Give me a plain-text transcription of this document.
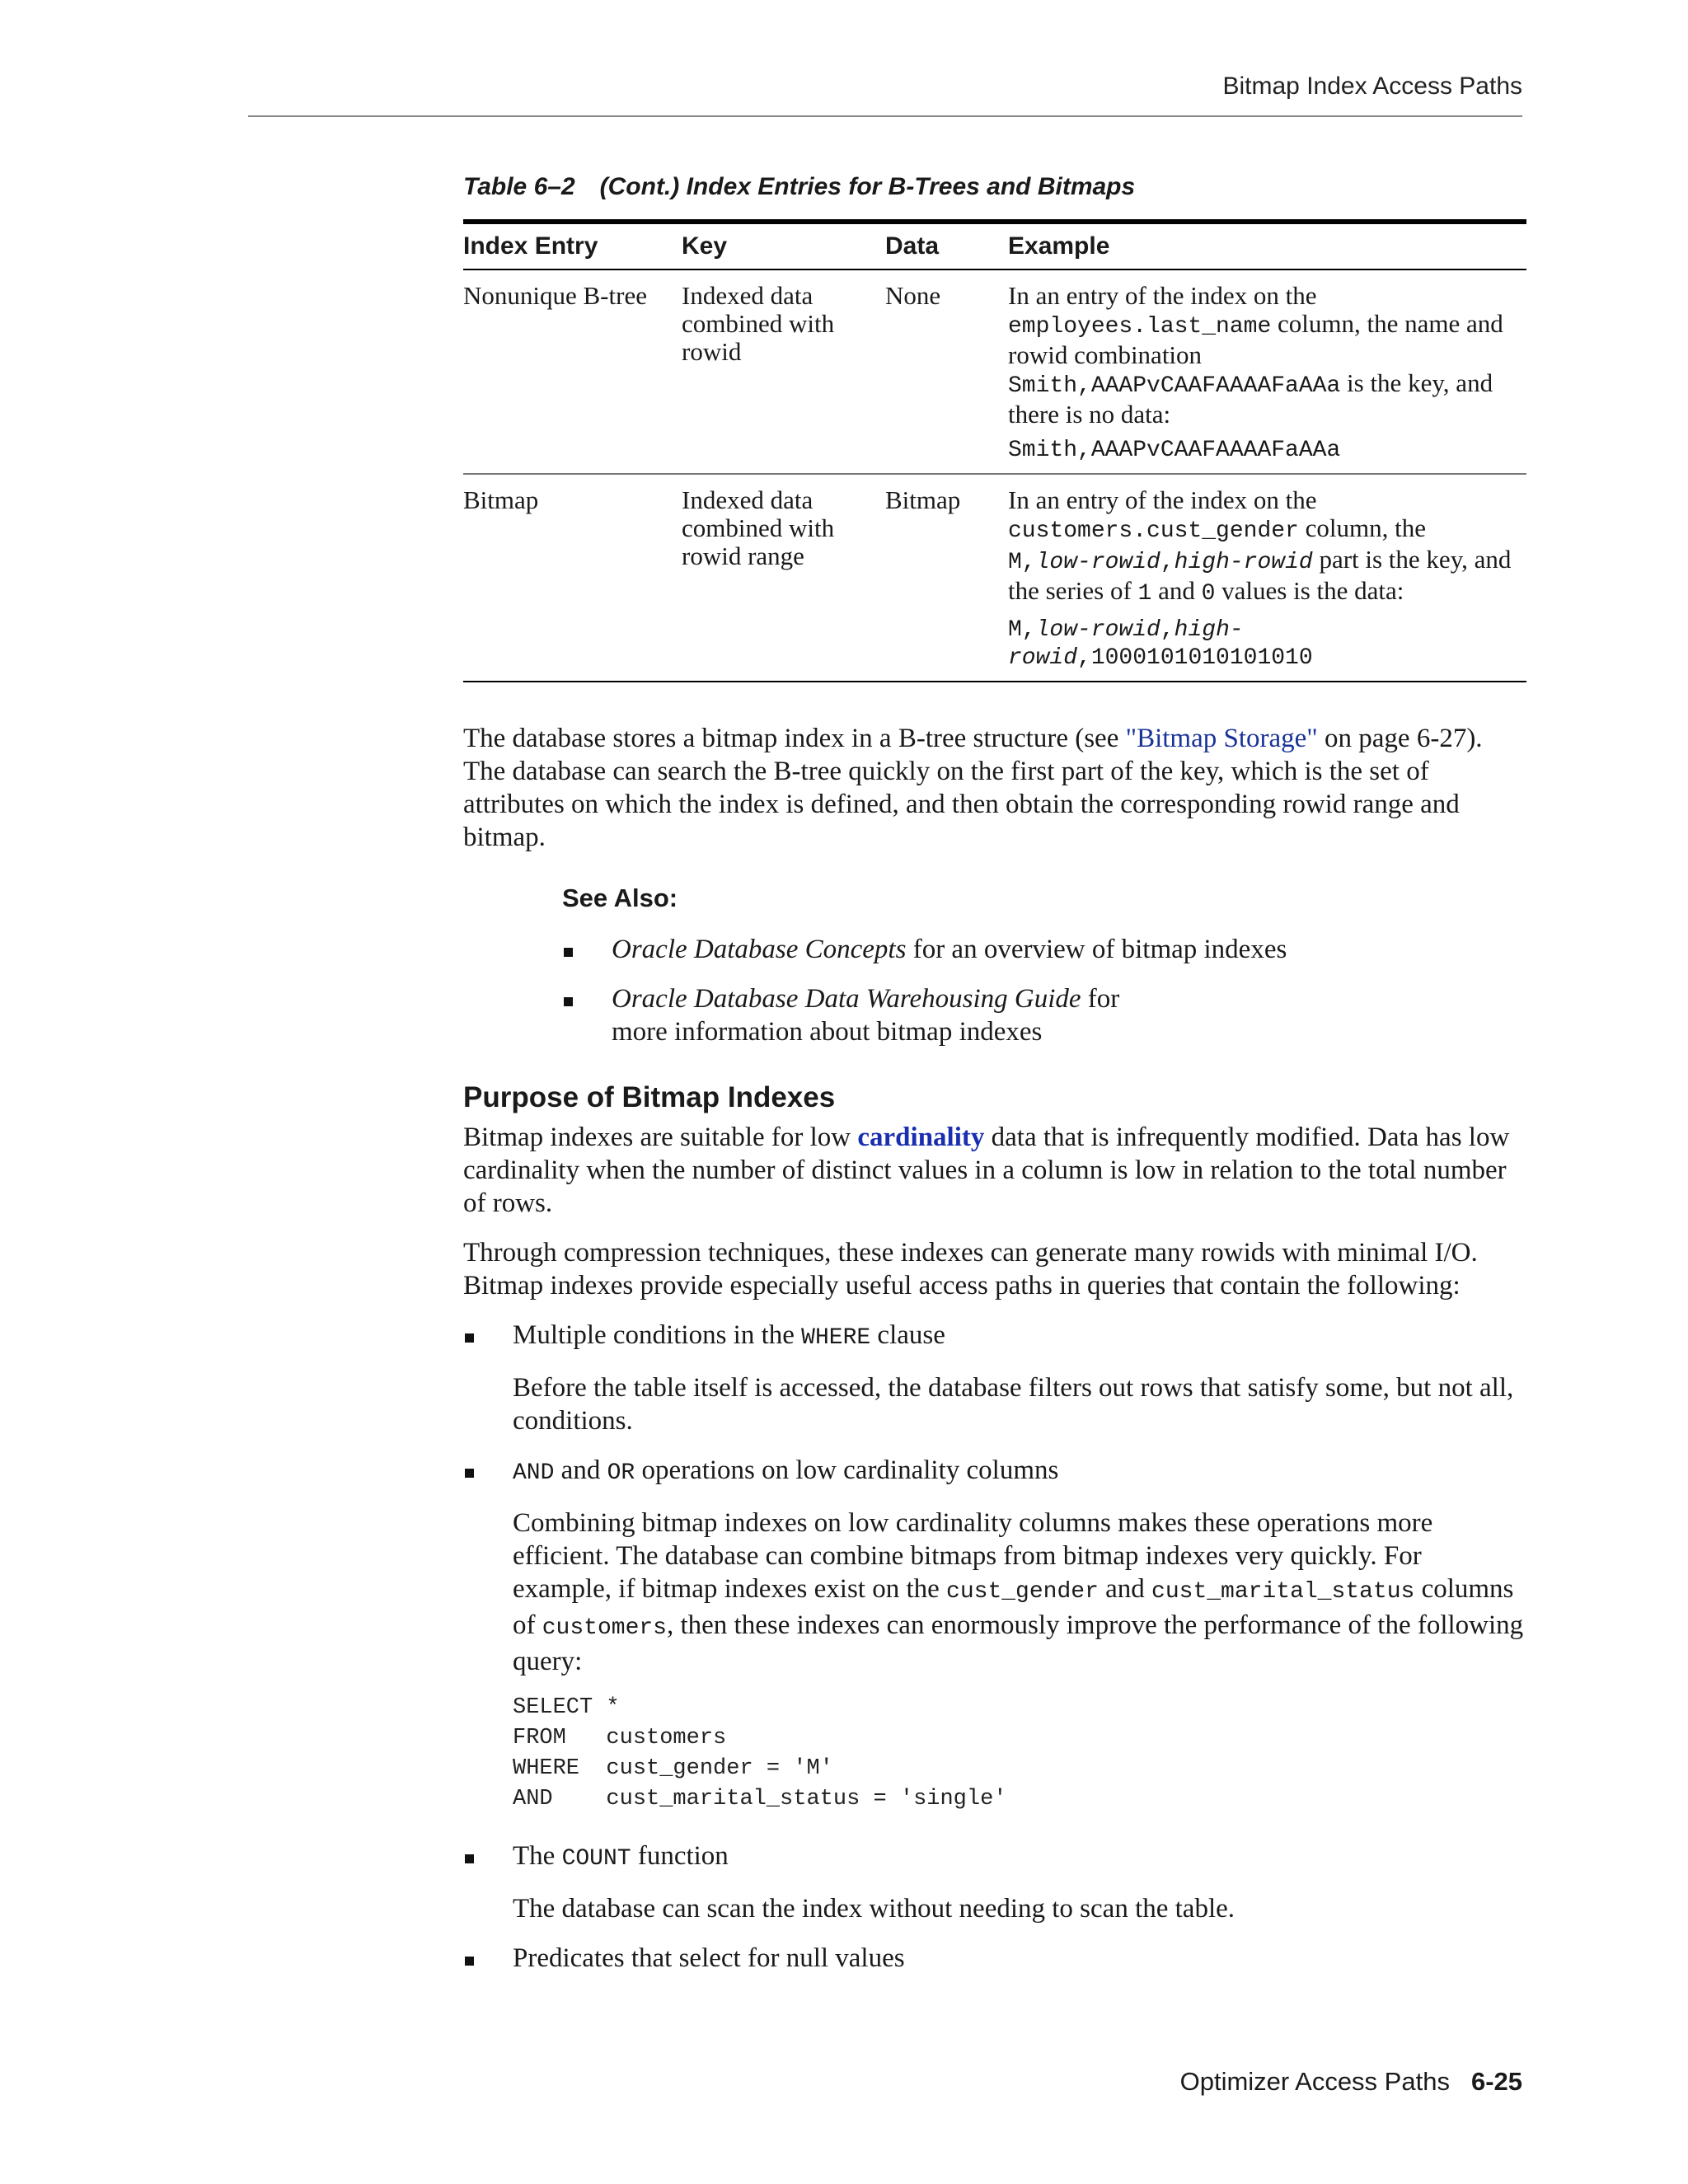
Bitmap Index Access Paths
Table 6–2 (Cont.) Index Entries for B-Trees and Bitmaps
Index Entry	Key	Data	Example
Nonunique B-tree	Indexed data combined with rowid	None	In an entry of the index on the
employees.last_name column, the name and rowid combination
Smith,AAAPvCAAFAAAAFaAAa is the key, and there is no data:
Smith,AAAPvCAAFAAAAFaAAa

Bitmap	Indexed data combined with rowid range	Bitmap	In an entry of the index on the
customers.cust_gender column, the
M,low-rowid,high-rowid part is the key, and the series of 1 and 0 values is the data:
M,low-rowid,high-rowid,1000101010101010

The database stores a bitmap index in a B-tree structure (see "Bitmap Storage" on page 6-27). The database can search the B-tree quickly on the first part of the key, which is the set of attributes on which the index is defined, and then obtain the corresponding rowid range and bitmap.

See Also:
Oracle Database Concepts for an overview of bitmap indexes
Oracle Database Data Warehousing Guide for more information about bitmap indexes
Purpose of Bitmap Indexes

Bitmap indexes are suitable for low cardinality data that is infrequently modified. Data has low cardinality when the number of distinct values in a column is low in relation to the total number of rows.

Through compression techniques, these indexes can generate many rowids with minimal I/O. Bitmap indexes provide especially useful access paths in queries that contain the following:

Multiple conditions in the WHERE clause
Before the table itself is accessed, the database filters out rows that satisfy some, but not all, conditions.
AND and OR operations on low cardinality columns
Combining bitmap indexes on low cardinality columns makes these operations more efficient. The database can combine bitmaps from bitmap indexes very quickly. For example, if bitmap indexes exist on the cust_gender and cust_marital_status columns of customers, then these indexes can enormously improve the performance of the following query:
SELECT *
FROM   customers
WHERE  cust_gender = 'M'
AND    cust_marital_status = 'single'
The COUNT function
The database can scan the index without needing to scan the table.
Predicates that select for null values
Optimizer Access Paths 6-25
